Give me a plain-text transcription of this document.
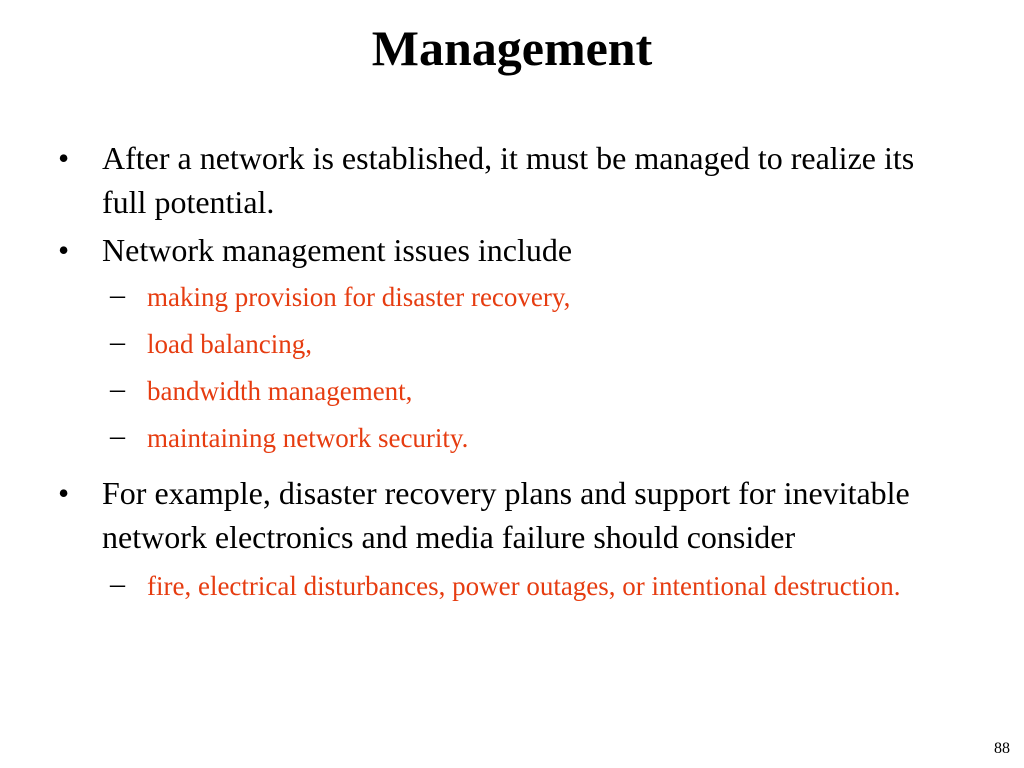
Management
• After a network is established, it must be managed to realize its full potential.
• Network management issues include
– making provision for disaster recovery,
– load balancing,
– bandwidth management,
– maintaining network security.
• For example, disaster recovery plans and support for inevitable network electronics and media failure should consider
– fire, electrical disturbances, power outages, or intentional destruction.
88
